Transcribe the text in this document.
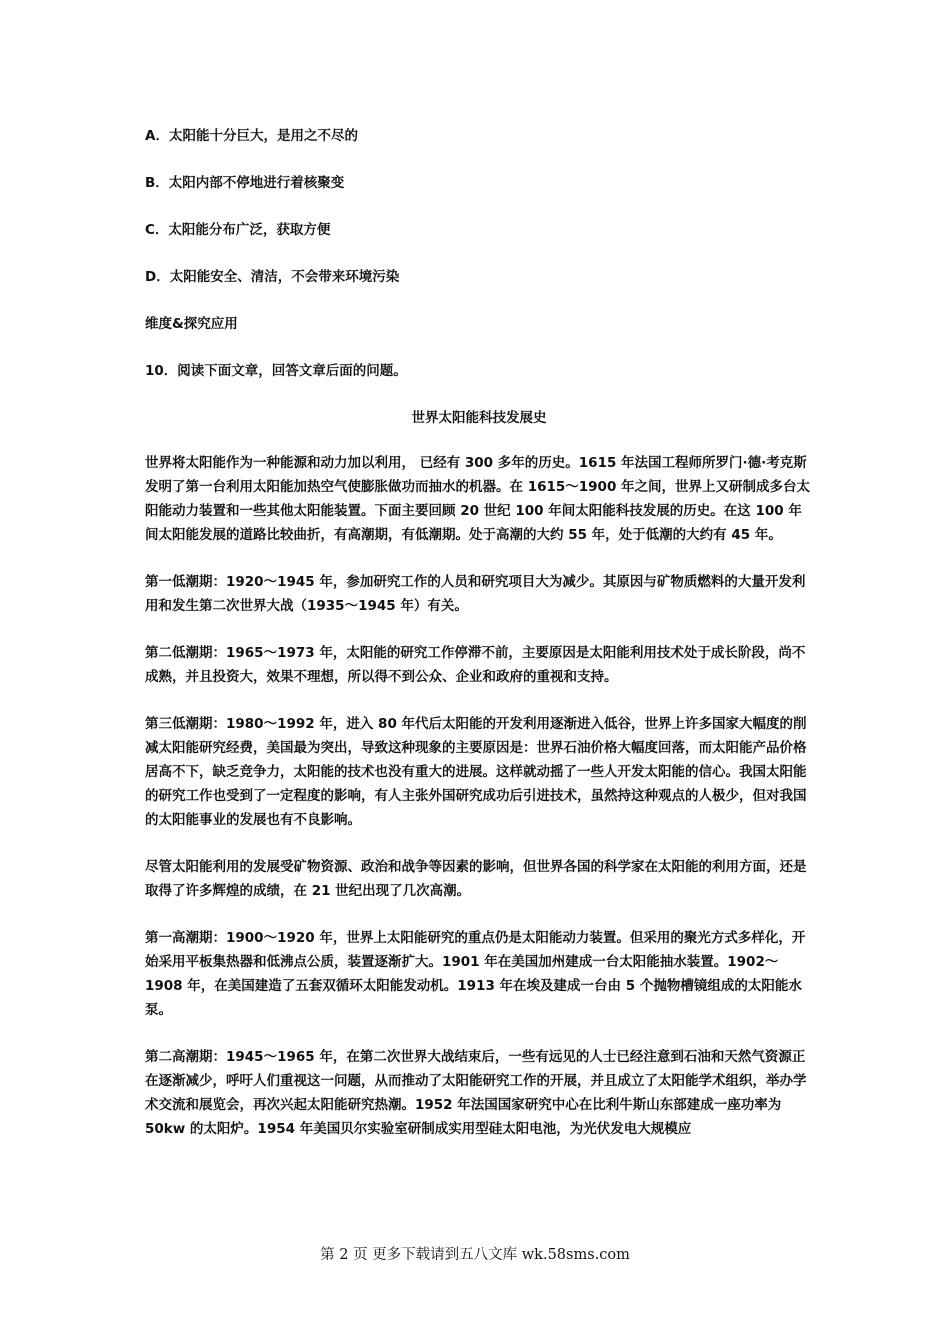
A．太阳能十分巨大，是用之不尽的
B．太阳内部不停地进行着核聚变
C．太阳能分布广泛，获取方便
D．太阳能安全、清洁，不会带来环境污染
维度&探究应用
10．阅读下面文章，回答文章后面的问题。
世界太阳能科技发展史

世界将太阳能作为一种能源和动力加以利用， 已经有 300 多年的历史。1615 年法国工程师所罗门·德·考克斯发明了第一台利用太阳能加热空气使膨胀做功而抽水的机器。在 1615～1900 年之间，世界上又研制成多台太阳能动力装置和一些其他太阳能装置。下面主要回顾 20 世纪 100 年间太阳能科技发展的历史。在这 100 年间太阳能发展的道路比较曲折，有高潮期，有低潮期。处于高潮的大约 55 年，处于低潮的大约有 45 年。

第一低潮期：1920～1945 年，参加研究工作的人员和研究项目大为减少。其原因与矿物质燃料的大量开发利用和发生第二次世界大战（1935～1945 年）有关。

第二低潮期：1965～1973 年，太阳能的研究工作停滞不前，主要原因是太阳能利用技术处于成长阶段，尚不成熟，并且投资大，效果不理想，所以得不到公众、企业和政府的重视和支持。

第三低潮期：1980～1992 年，进入 80 年代后太阳能的开发利用逐渐进入低谷，世界上许多国家大幅度的削减太阳能研究经费，美国最为突出，导致这种现象的主要原因是：世界石油价格大幅度回落，而太阳能产品价格居高不下，缺乏竞争力，太阳能的技术也没有重大的进展。这样就动摇了一些人开发太阳能的信心。我国太阳能的研究工作也受到了一定程度的影响，有人主张外国研究成功后引进技术，虽然持这种观点的人极少，但对我国的太阳能事业的发展也有不良影响。

尽管太阳能利用的发展受矿物资源、政治和战争等因素的影响，但世界各国的科学家在太阳能的利用方面，还是取得了许多辉煌的成绩，在 21 世纪出现了几次高潮。

第一高潮期：1900～1920 年，世界上太阳能研究的重点仍是太阳能动力装置。但采用的聚光方式多样化，开始采用平板集热器和低沸点公质，装置逐渐扩大。1901 年在美国加州建成一台太阳能抽水装置。1902～1908 年，在美国建造了五套双循环太阳能发动机。1913 年在埃及建成一台由 5 个抛物槽镜组成的太阳能水泵。

第二高潮期：1945～1965 年，在第二次世界大战结束后，一些有远见的人士已经注意到石油和天然气资源正在逐渐减少，呼吁人们重视这一问题，从而推动了太阳能研究工作的开展，并且成立了太阳能学术组织，举办学术交流和展览会，再次兴起太阳能研究热潮。1952 年法国国家研究中心在比利牛斯山东部建成一座功率为 50kw 的太阳炉。1954 年美国贝尔实验室研制成实用型硅太阳电池，为光伏发电大规模应

第 2 页 更多下载请到五八文库 wk.58sms.com
